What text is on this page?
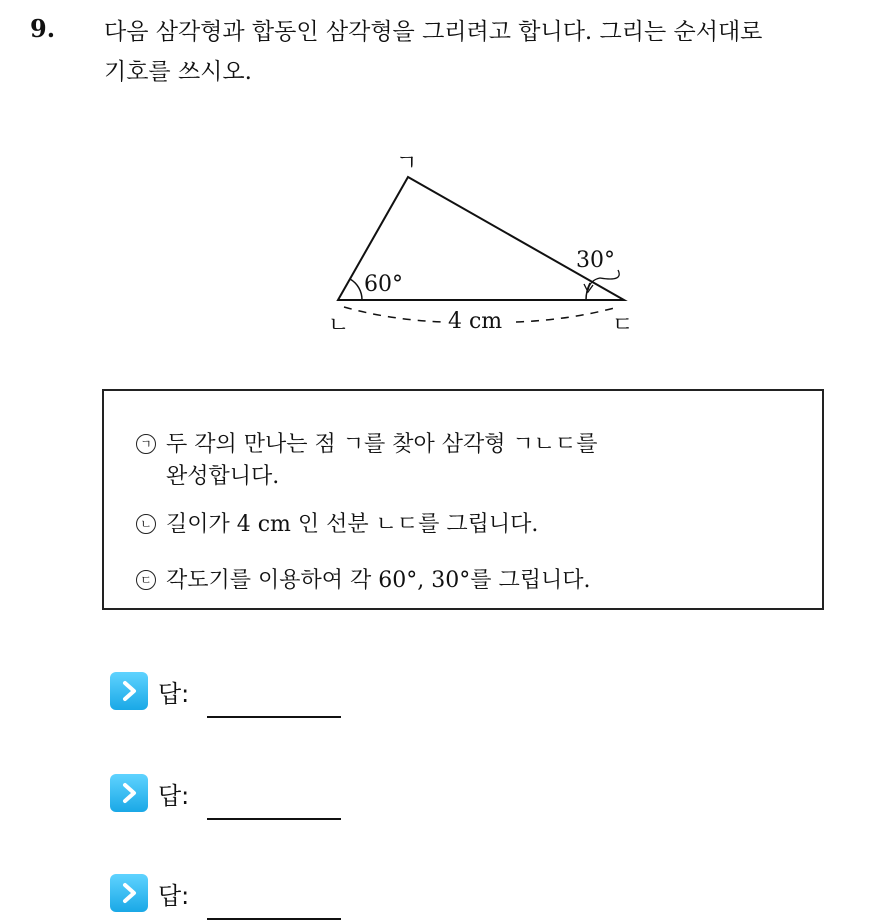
9. 다음 삼각형과 합동인 삼각형을 그리려고 합니다. 그리는 순서대로
기호를 쓰시오.
ㄱ
ㄴ	ㄷ
60°
30°
4 cm
ㄱ 두 각의 만나는 점 ㄱ를 찾아 삼각형 ㄱㄴㄷ를
완성합니다.
ㄴ 길이가 4 cm 인 선분 ㄴㄷ를 그립니다.
ㄷ 각도기를 이용하여 각 60°, 30°를 그립니다.
답:
답:
답:
